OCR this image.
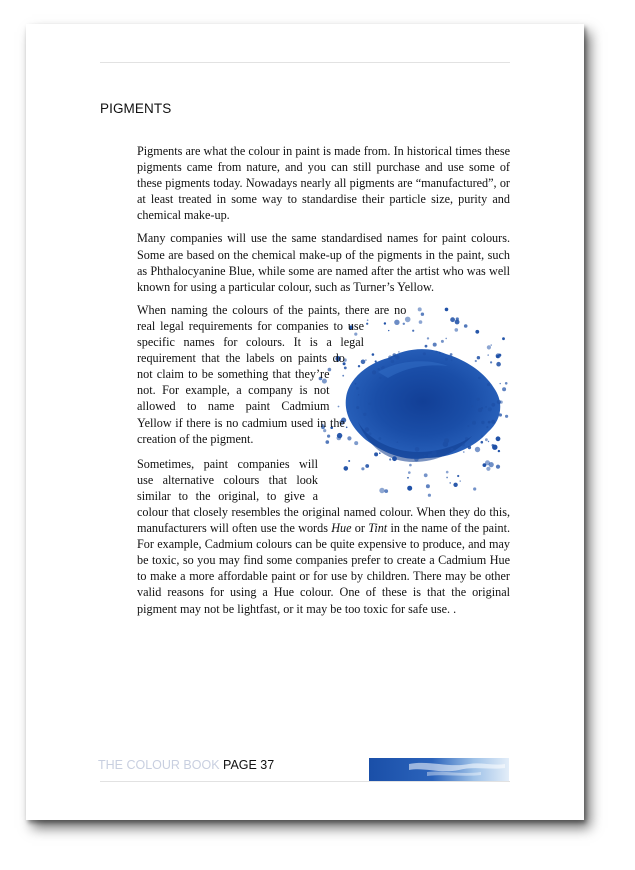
PIGMENTS

Pigments are what the colour in paint is made from. In historical times these pigments came from nature, and you can still purchase and use some of these pigments today. Nowadays nearly all pigments are “manufactured”, or at least treated in some way to standardise their particle size, purity and chemical make-up.

Many companies will use the same standardised names for paint colours. Some are based on the chemical make-up of the pigments in the paint, such as Phthalocyanine Blue, while some are named after the artist who was well known for using a particular colour, such as Turner’s Yellow.

When naming the colours of the paints, there are no real legal requirements for companies to use specific names for colours. It is a legal requirement that the labels on paints do not claim to be something that they’re not. For example, a company is not allowed to name paint Cadmium Yellow if there is no cadmium used in the creation of the pigment.

Sometimes, paint companies will use alternative colours that look similar to the original, to give a colour that closely resembles the original named colour. When they do this, manufacturers will often use the words Hue or Tint in the name of the paint. For example, Cadmium colours can be quite expensive to produce, and may be toxic, so you may find some companies prefer to create a Cadmium Hue to make a more affordable paint or for use by children. There may be other valid reasons for using a Hue colour. One of these is that the original pigment may not be lightfast, or it may be too toxic for safe use. .

THE COLOUR BOOK PAGE 37
